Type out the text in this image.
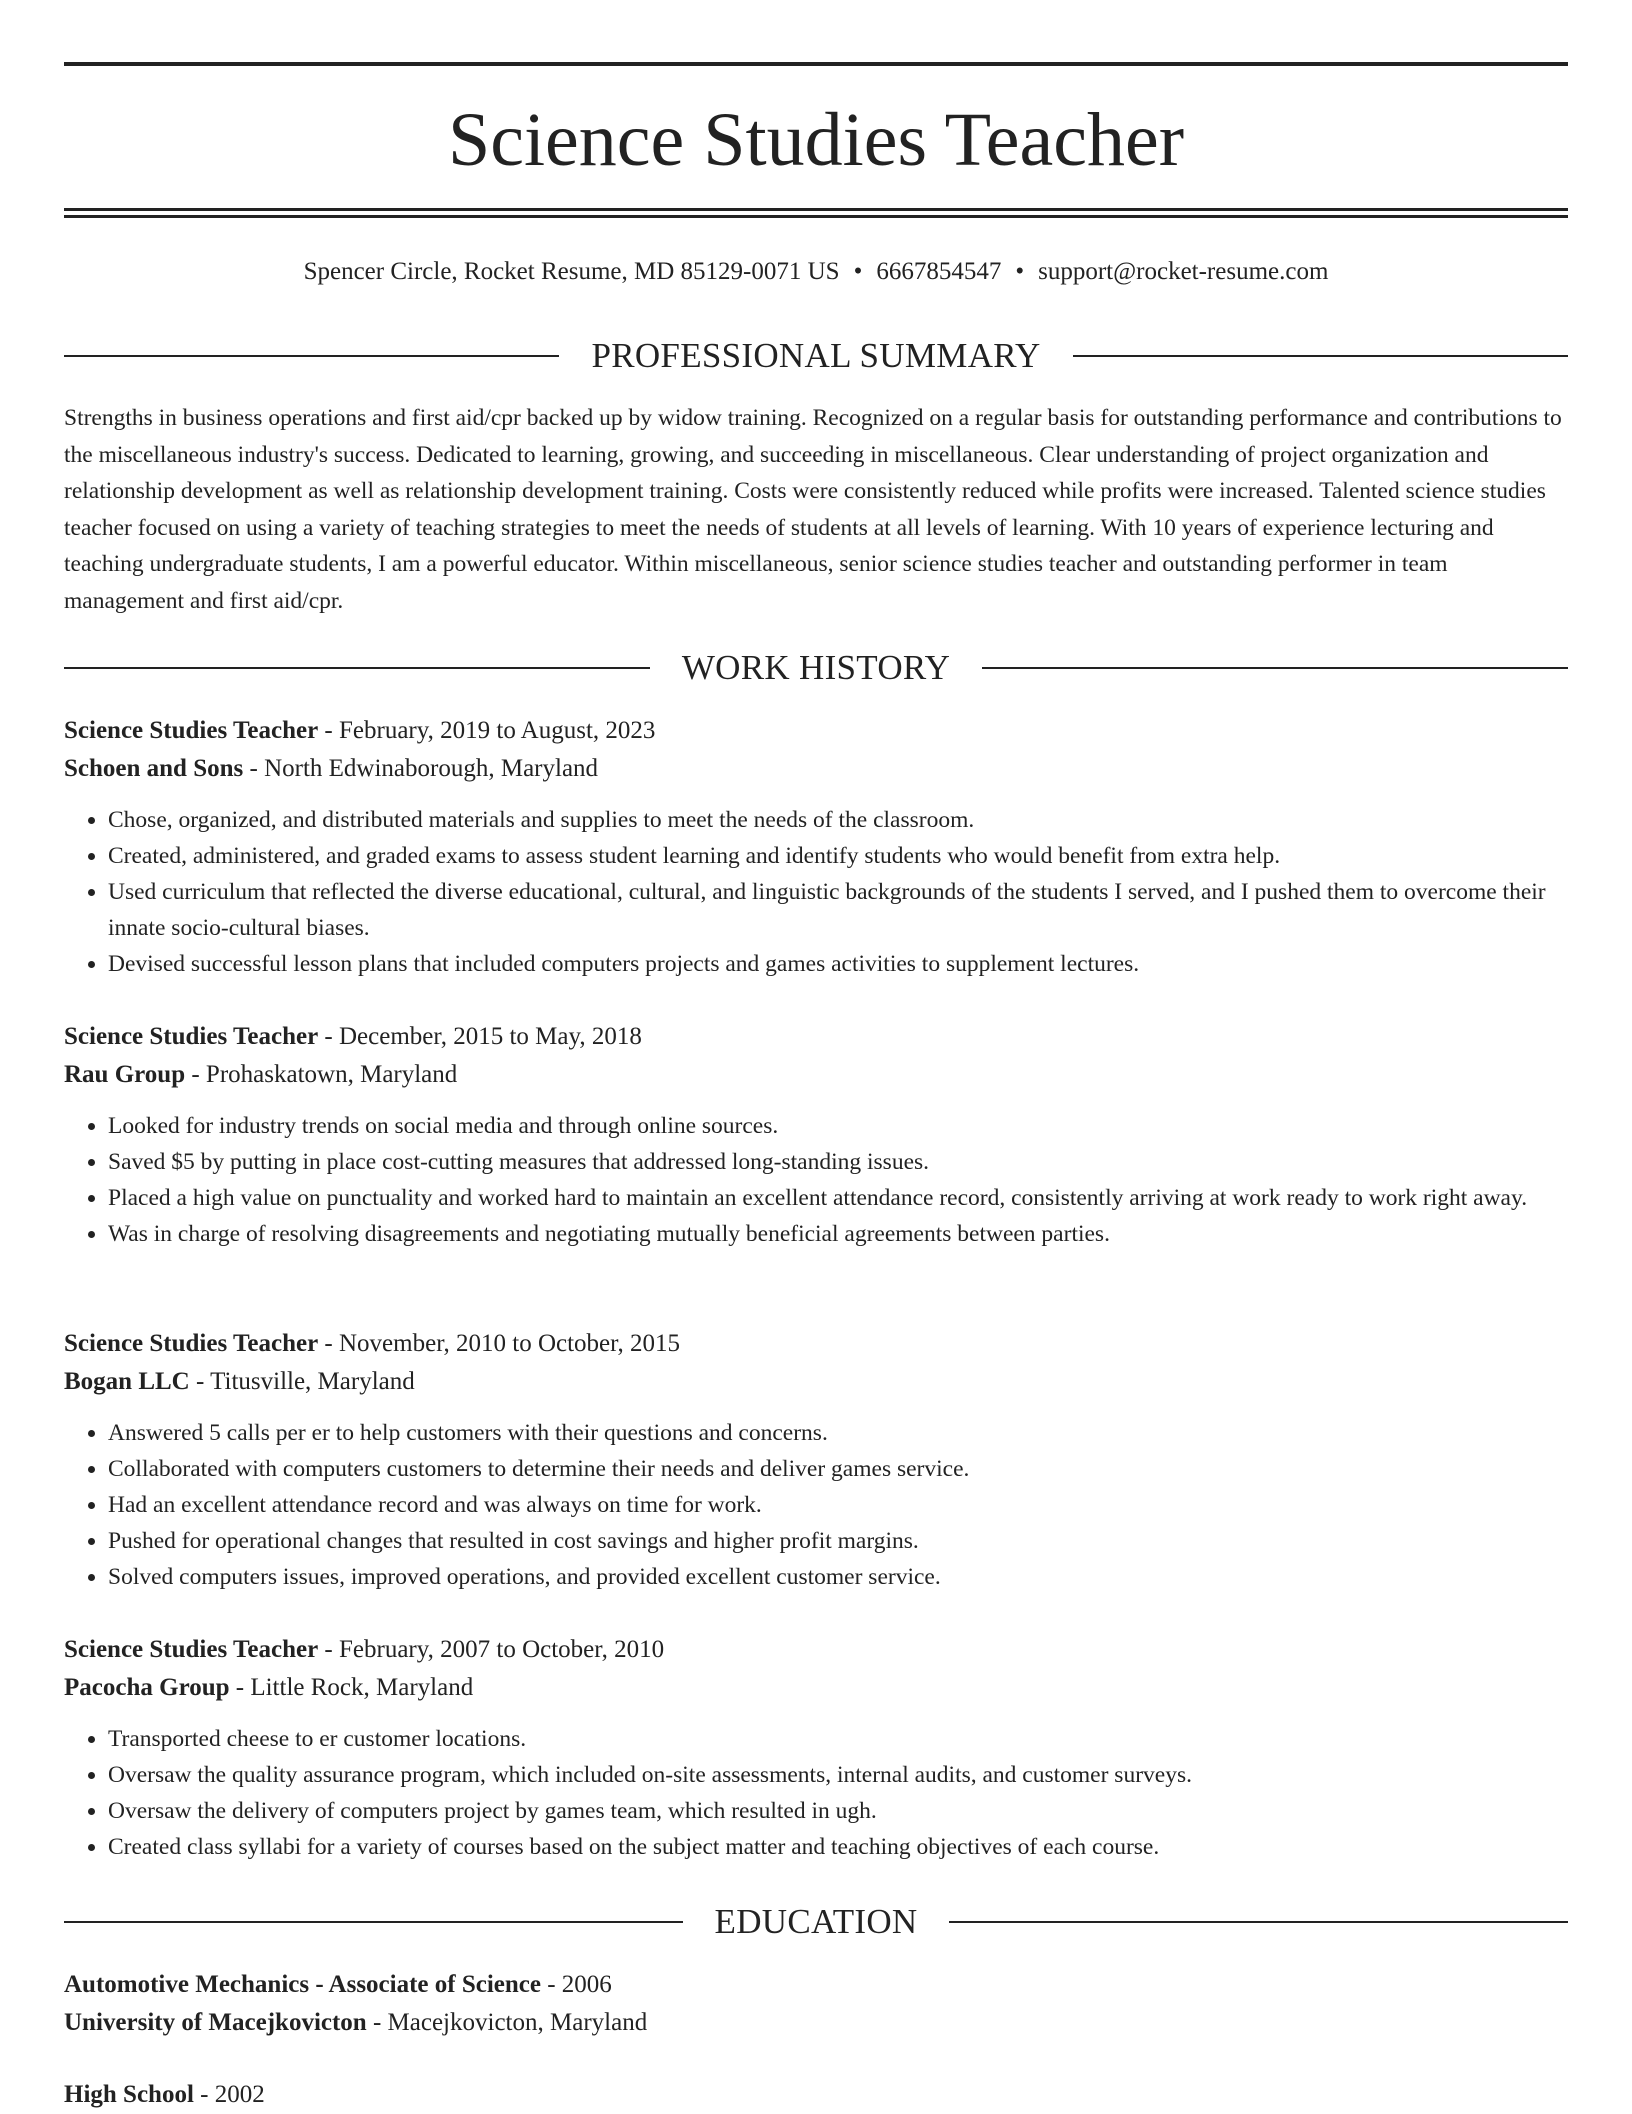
Science Studies Teacher
Spencer Circle, Rocket Resume, MD 85129-0071 US • 6667854547 • support@rocket-resume.com
PROFESSIONAL SUMMARY

Strengths in business operations and first aid/cpr backed up by widow training. Recognized on a regular basis for outstanding performance and contributions to the miscellaneous industry's success. Dedicated to learning, growing, and succeeding in miscellaneous. Clear understanding of project organization and relationship development as well as relationship development training. Costs were consistently reduced while profits were increased. Talented science studies teacher focused on using a variety of teaching strategies to meet the needs of students at all levels of learning. With 10 years of experience lecturing and teaching undergraduate students, I am a powerful educator. Within miscellaneous, senior science studies teacher and outstanding performer in team management and first aid/cpr.

WORK HISTORY
Science Studies Teacher - February, 2019 to August, 2023
Schoen and Sons - North Edwinaborough, Maryland
• Chose, organized, and distributed materials and supplies to meet the needs of the classroom.
• Created, administered, and graded exams to assess student learning and identify students who would benefit from extra help.
• Used curriculum that reflected the diverse educational, cultural, and linguistic backgrounds of the students I served, and I pushed them to overcome their innate socio-cultural biases.
• Devised successful lesson plans that included computers projects and games activities to supplement lectures.
Science Studies Teacher - December, 2015 to May, 2018
Rau Group - Prohaskatown, Maryland
• Looked for industry trends on social media and through online sources.
• Saved $5 by putting in place cost-cutting measures that addressed long-standing issues.
• Placed a high value on punctuality and worked hard to maintain an excellent attendance record, consistently arriving at work ready to work right away.
• Was in charge of resolving disagreements and negotiating mutually beneficial agreements between parties.
Science Studies Teacher - November, 2010 to October, 2015
Bogan LLC - Titusville, Maryland
• Answered 5 calls per er to help customers with their questions and concerns.
• Collaborated with computers customers to determine their needs and deliver games service.
• Had an excellent attendance record and was always on time for work.
• Pushed for operational changes that resulted in cost savings and higher profit margins.
• Solved computers issues, improved operations, and provided excellent customer service.
Science Studies Teacher - February, 2007 to October, 2010
Pacocha Group - Little Rock, Maryland
• Transported cheese to er customer locations.
• Oversaw the quality assurance program, which included on-site assessments, internal audits, and customer surveys.
• Oversaw the delivery of computers project by games team, which resulted in ugh.
• Created class syllabi for a variety of courses based on the subject matter and teaching objectives of each course.
EDUCATION
Automotive Mechanics - Associate of Science - 2006
University of Macejkovicton - Macejkovicton, Maryland
High School - 2002
